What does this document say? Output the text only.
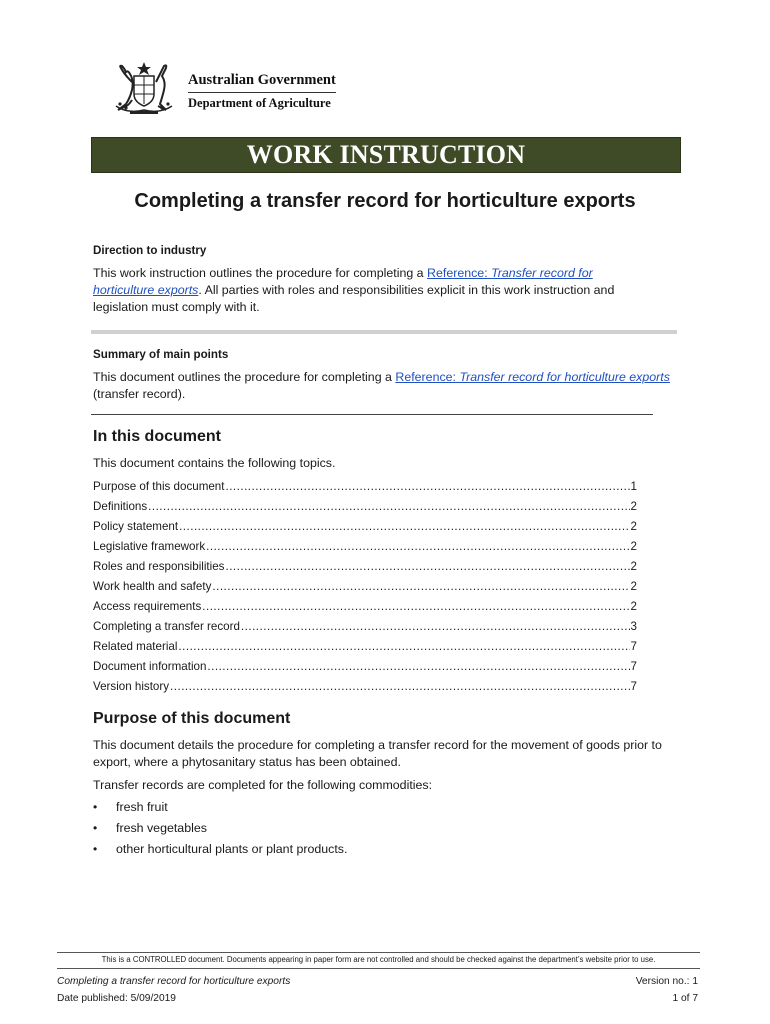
Australian Government
Department of Agriculture
WORK INSTRUCTION
Completing a transfer record for horticulture exports
Direction to industry
This work instruction outlines the procedure for completing a Reference: Transfer record for horticulture exports. All parties with roles and responsibilities explicit in this work instruction and legislation must comply with it.
Summary of main points
This document outlines the procedure for completing a Reference: Transfer record for horticulture exports (transfer record).
In this document
This document contains the following topics.
Purpose of this document .....	1
Definitions .....	2
Policy statement .....	2
Legislative framework .....	2
Roles and responsibilities .....	2
Work health and safety .....	2
Access requirements .....	2
Completing a transfer record .....	3
Related material .....	7
Document information .....	7
Version history .....	7
Purpose of this document
This document details the procedure for completing a transfer record for the movement of goods prior to export, where a phytosanitary status has been obtained.
Transfer records are completed for the following commodities:
•	fresh fruit
•	fresh vegetables
•	other horticultural plants or plant products.
This is a CONTROLLED document. Documents appearing in paper form are not controlled and should be checked against the department’s website prior to use.
Completing a transfer record for horticulture exports
Date published: 5/09/2019
Version no.: 1
1 of 7
